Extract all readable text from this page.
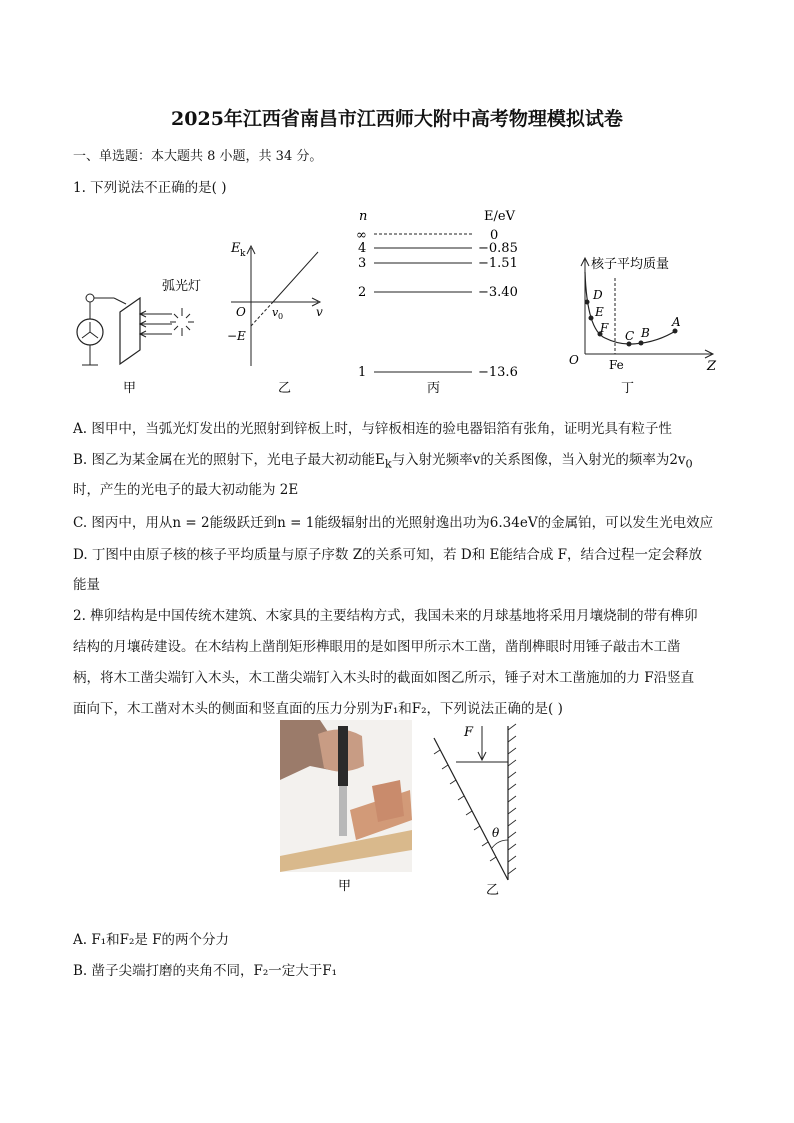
2025年江西省南昌市江西师大附中高考物理模拟试卷
一、单选题：本大题共 8 小题，共 34 分。
1. 下列说法不正确的是( )
弧光灯
甲
E k
O	v
v 0
−E
乙
n	E/eV
∞	0
4	−0.85
3	−1.51
2	−3.40
1	−13.6
丙
核子平均质量
D
E
F
C B
A
O	Fe	Z
丁
A. 图甲中，当弧光灯发出的光照射到锌板上时，与锌板相连的验电器铝箔有张角，证明光具有粒子性
B. 图乙为某金属在光的照射下，光电子最大初动能$E_k$与入射光频率v的关系图像，当入射光的频率为$2v_0$
时，产生的光电子的最大初动能为 2E
C. 图丙中，用从n = 2能级跃迁到n = 1能级辐射出的光照射逸出功为6.34eV的金属铂，可以发生光电效应
D. 丁图中由原子核的核子平均质量与原子序数 Z的关系可知，若 D和 E能结合成 F，结合过程一定会释放
能量
2. 榫卯结构是中国传统木建筑、木家具的主要结构方式，我国未来的月球基地将采用月壤烧制的带有榫卯
结构的月壤砖建设。在木结构上凿削矩形榫眼用的是如图甲所示木工凿，凿削榫眼时用锤子敲击木工凿
柄，将木工凿尖端钉入木头，木工凿尖端钉入木头时的截面如图乙所示，锤子对木工凿施加的力 F沿竖直
面向下，木工凿对木头的侧面和竖直面的压力分别为F₁和F₂，下列说法正确的是( )
甲
F
θ
乙
A. F₁和F₂是 F的两个分力
B. 凿子尖端打磨的夹角不同，F₂一定大于F₁
